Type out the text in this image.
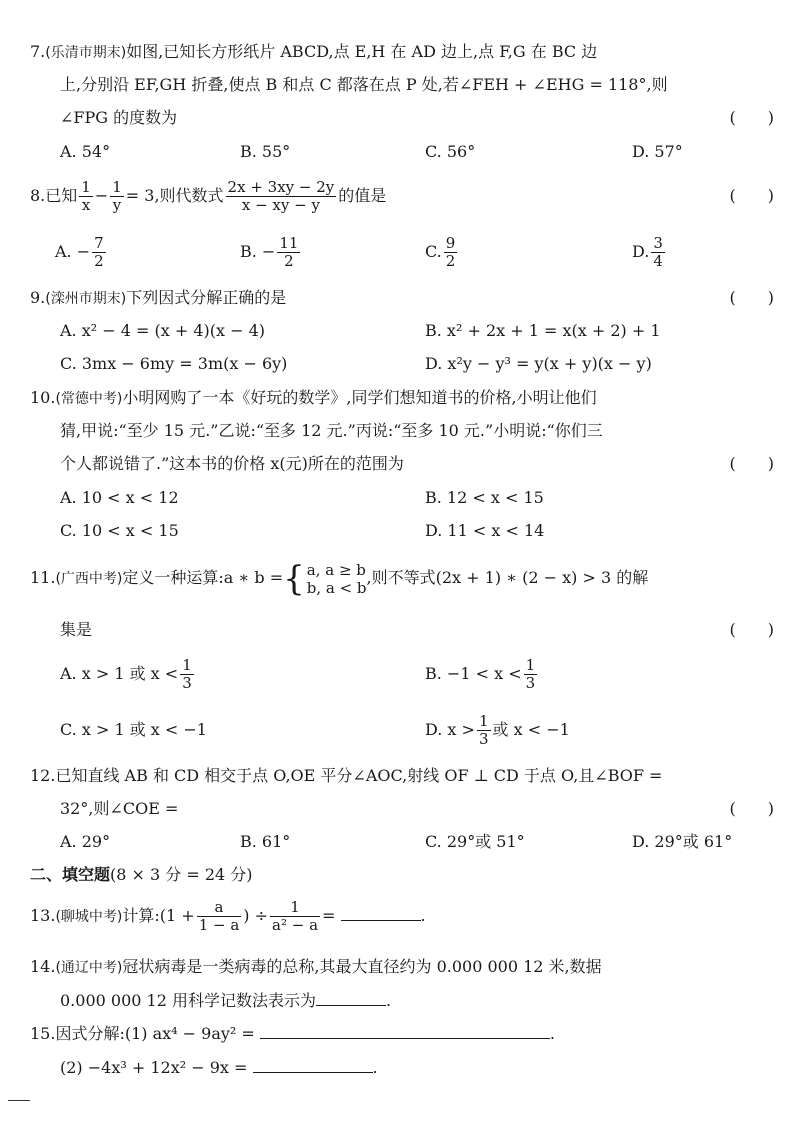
7.(乐清市期末)如图,已知长方形纸片 ABCD,点 E,H 在 AD 边上,点 F,G 在 BC 边
上,分别沿 EF,GH 折叠,使点 B 和点 C 都落在点 P 处,若∠FEH + ∠EHG = 118°,则
∠FPG 的度数为	(　　)
A. 54°	B. 55°	C. 56°	D. 57°
8.已知 $\frac{1}{x} - \frac{1}{y} = 3$,则代数式 $\frac{2x + 3xy - 2y}{x - xy - y}$ 的值是	(　　)
A. − $\frac{7}{2}$	B. − $\frac{11}{2}$	C. $\frac{9}{2}$	D. $\frac{3}{4}$
9.(滦州市期末)下列因式分解正确的是	(　　)
A. x² − 4 = (x + 4)(x − 4)	B. x² + 2x + 1 = x(x + 2) + 1
C. 3mx − 6my = 3m(x − 6y)	D. x²y − y³ = y(x + y)(x − y)
10.(常德中考)小明网购了一本《好玩的数学》,同学们想知道书的价格,小明让他们
猜,甲说:“至少 15 元.”乙说:“至多 12 元.”丙说:“至多 10 元.”小明说:“你们三
个人都说错了.”这本书的价格 x(元)所在的范围为	(　　)
A. 10 < x < 12	B. 12 < x < 15
C. 10 < x < 15	D. 11 < x < 14
11.(广西中考)定义一种运算:a ∗ b ={ a, a ≥ b
b, a < b
,则不等式(2x + 1) ∗ (2 − x) > 3 的解
集是	(　　)
A. x > 1 或 $x < \frac{1}{3}$	B. $-1 < x < \frac{1}{3}$
C. x > 1 或 x < −1	D. $x > \frac{1}{3}$ 或 x < −1
12.已知直线 AB 和 CD 相交于点 O,OE 平分∠AOC,射线 OF ⊥ CD 于点 O,且∠BOF =
32°,则∠COE =	(　　)
A. 29°	B. 61°	C. 29°或 51°	D. 29°或 61°
二、填空题(8 × 3 分 = 24 分)
13.(聊城中考)计算:(1 + $\frac{a}{1 - a}$ ) ÷ $\frac{1}{\text{a² − a}}$ =	.
14.(通辽中考)冠状病毒是一类病毒的总称,其最大直径约为 0.000 000 12 米,数据
0.000 000 12 用科学记数法表示为	.
15.因式分解:(1) ax⁴ − 9ay² =	.
(2) −4x³ + 12x² − 9x =	.
